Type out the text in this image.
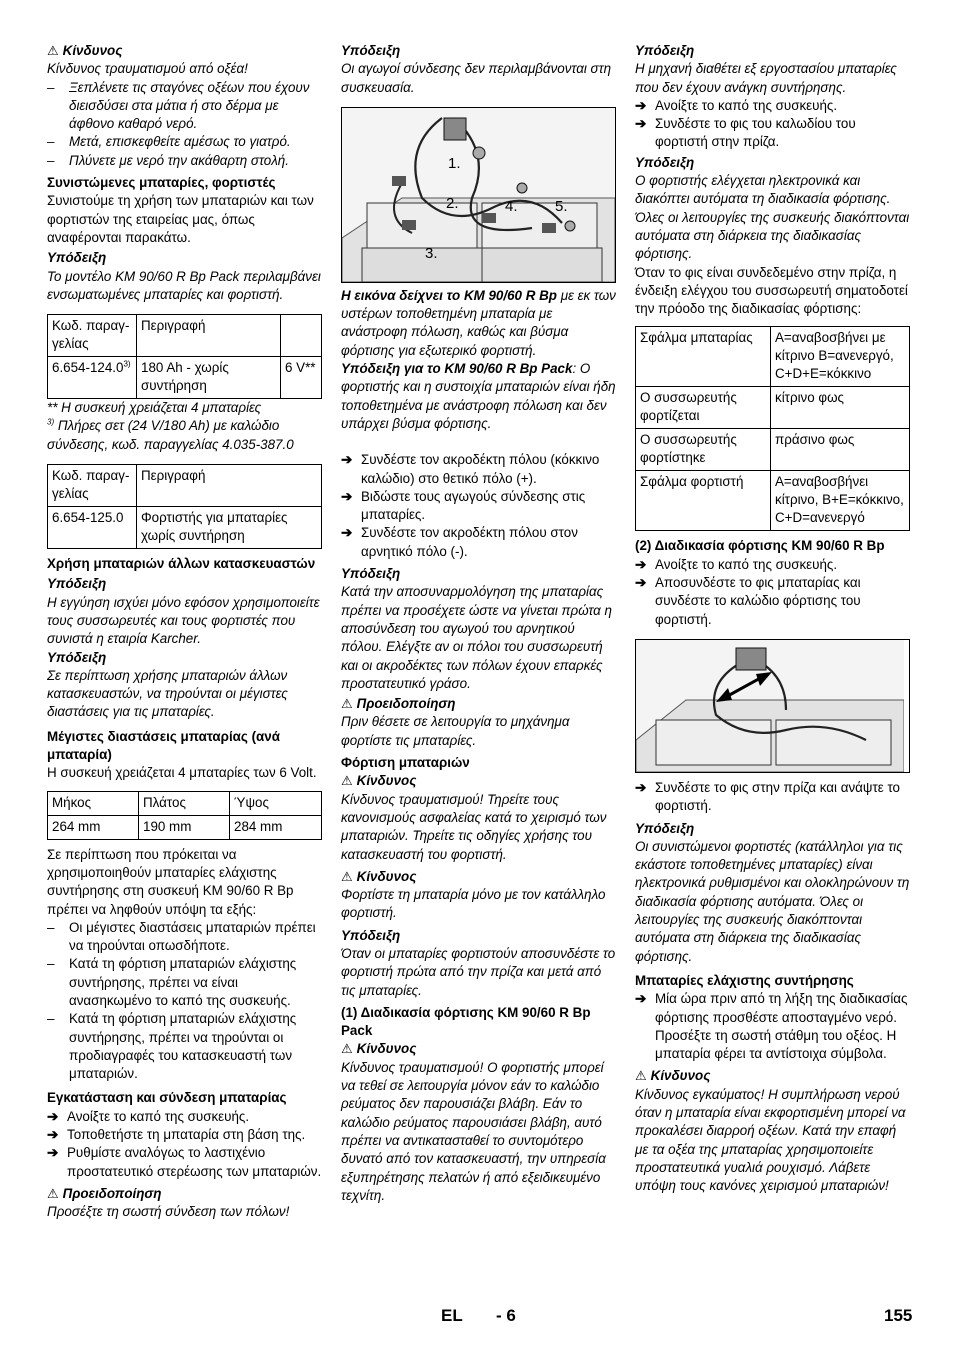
⚠ Κίνδυνος

Κίνδυνος τραυματισμού από οξέα!

– Ξεπλένετε τις σταγόνες οξέων που έχουν διεισδύσει στα μάτια ή στο δέρμα με άφθονο καθαρό νερό.

– Μετά, επισκεφθείτε αμέσως το γιατρό.

– Πλύνετε με νερό την ακάθαρτη στολή.

Συνιστώμενες μπαταρίες, φορτιστές

Συνιστούμε τη χρήση των μπαταριών και των φορτιστών της εταιρείας μας, όπως αναφέρονται παρακάτω.

Υπόδειξη

Το μοντέλο KM 90/60 R Bp Pack περιλαμβάνει ενσωματωμένες μπαταρίες και φορτιστή.

Κωδ. παραγ-γελίας	Περιγραφή	
6.654-124.0$^{3)}$	180 Ah - χωρίς συντήρηση	6 V**

** Η συσκευή χρειάζεται 4 μπαταρίες

$^{3)}$ Πλήρες σετ (24 V/180 Ah) με καλώδιο σύνδεσης, κωδ. παραγγελίας 4.035-387.0

Κωδ. παραγ-γελίας	Περιγραφή
6.654-125.0	Φορτιστής για μπαταρίες χωρίς συντήρηση

Χρήση μπαταριών άλλων κατασκευαστών

Υπόδειξη

Η εγγύηση ισχύει μόνο εφόσον χρησιμοποιείτε τους συσσωρευτές και τους φορτιστές που συνιστά η εταιρία Karcher.

Υπόδειξη

Σε περίπτωση χρήσης μπαταριών άλλων κατασκευαστών, να τηρούνται οι μέγιστες διαστάσεις για τις μπαταρίες.

Μέγιστες διαστάσεις μπαταρίας (ανά μπαταρία)

Η συσκευή χρειάζεται 4 μπαταρίες των 6 Volt.

Μήκος	Πλάτος	Ύψος
264 mm	190 mm	284 mm

Σε περίπτωση που πρόκειται να χρησιμοποιηθούν μπαταρίες ελάχιστης συντήρησης στη συσκευή KM 90/60 R Bp πρέπει να ληφθούν υπόψη τα εξής:

– Οι μέγιστες διαστάσεις μπαταριών πρέπει να τηρούνται οπωσδήποτε.

– Κατά τη φόρτιση μπαταριών ελάχιστης συντήρησης, πρέπει να είναι ανασηκωμένο το καπό της συσκευής.

– Κατά τη φόρτιση μπαταριών ελάχιστης συντήρησης, πρέπει να τηρούνται οι προδιαγραφές του κατασκευαστή των μπαταριών.

Εγκατάσταση και σύνδεση μπαταρίας

➔ Ανοίξτε το καπό της συσκευής.

➔ Τοποθετήστε τη μπαταρία στη βάση της.

➔ Ρυθμίστε αναλόγως το λαστιχένιο προστατευτικό στερέωσης των μπαταριών.

⚠ Προειδοποίηση

Προσέξτε τη σωστή σύνδεση των πόλων!

Υπόδειξη

Οι αγωγοί σύνδεσης δεν περιλαμβάνονται στη συσκευασία.

1.
2.
3.
4. 5.

Η εικόνα δείχνει το KM 90/60 R Bp με εκ των υστέρων τοποθετημένη μπαταρία με ανάστροφη πόλωση, καθώς και βύσμα φόρτισης για εξωτερικό φορτιστή.

Υπόδειξη για το KM 90/60 R Bp Pack: Ο φορτιστής και η συστοιχία μπαταριών είναι ήδη τοποθετημένα με ανάστροφη πόλωση και δεν υπάρχει βύσμα φόρτισης.

➔ Συνδέστε τον ακροδέκτη πόλου (κόκκινο καλώδιο) στο θετικό πόλο (+).

➔ Βιδώστε τους αγωγούς σύνδεσης στις μπαταρίες.

➔ Συνδέστε τον ακροδέκτη πόλου στον αρνητικό πόλο (-).

Υπόδειξη

Κατά την αποσυναρμολόγηση της μπαταρίας πρέπει να προσέχετε ώστε να γίνεται πρώτα η αποσύνδεση του αγωγού του αρνητικού πόλου. Ελέγξτε αν οι πόλοι του συσσωρευτή και οι ακροδέκτες των πόλων έχουν επαρκές προστατευτικό γράσο.

⚠ Προειδοποίηση

Πριν θέσετε σε λειτουργία το μηχάνημα φορτίστε τις μπαταρίες.

Φόρτιση μπαταριών

⚠ Κίνδυνος

Κίνδυνος τραυματισμού! Τηρείτε τους κανονισμούς ασφαλείας κατά το χειρισμό των μπαταριών. Τηρείτε τις οδηγίες χρήσης του κατασκευαστή του φορτιστή.

⚠ Κίνδυνος

Φορτίστε τη μπαταρία μόνο με τον κατάλληλο φορτιστή.

Υπόδειξη

Όταν οι μπαταρίες φορτιστούν αποσυνδέστε το φορτιστή πρώτα από την πρίζα και μετά από τις μπαταρίες.

(1) Διαδικασία φόρτισης KM 90/60 R Bp Pack

⚠ Κίνδυνος

Κίνδυνος τραυματισμού! Ο φορτιστής μπορεί να τεθεί σε λειτουργία μόνον εάν το καλώδιο ρεύματος δεν παρουσιάζει βλάβη. Εάν το καλώδιο ρεύματος παρουσιάσει βλάβη, αυτό πρέπει να αντικατασταθεί το συντομότερο δυνατό από τον κατασκευαστή, την υπηρεσία εξυπηρέτησης πελατών ή από εξειδικευμένο τεχνίτη.

Υπόδειξη

Η μηχανή διαθέτει εξ εργοστασίου μπαταρίες που δεν έχουν ανάγκη συντήρησης.

➔ Ανοίξτε το καπό της συσκευής.

➔ Συνδέστε το φις του καλωδίου του φορτιστή στην πρίζα.

Υπόδειξη

Ο φορτιστής ελέγχεται ηλεκτρονικά και διακόπτει αυτόματα τη διαδικασία φόρτισης. Όλες οι λειτουργίες της συσκευής διακόπτονται αυτόματα στη διάρκεια της διαδικασίας φόρτισης.

Όταν το φις είναι συνδεδεμένο στην πρίζα, η ένδειξη ελέγχου του συσσωρευτή σηματοδοτεί την πρόοδο της διαδικασίας φόρτισης:

Σφάλμα μπαταρίας	A=αναβοσβήνει με κίτρινο B=ανενεργό, C+D+E=κόκκινο
Ο συσσωρευτής φορτίζεται	κίτρινο φως
Ο συσσωρευτής φορτίστηκε	πράσινο φως
Σφάλμα φορτιστή	A=αναβοσβήνει κίτρινο, B+E=κόκκινο, C+D=ανενεργό

(2) Διαδικασία φόρτισης KM 90/60 R Bp

➔ Ανοίξτε το καπό της συσκευής.

➔ Αποσυνδέστε το φις μπαταρίας και συνδέστε το καλώδιο φόρτισης του φορτιστή.

➔ Συνδέστε το φις στην πρίζα και ανάψτε το φορτιστή.

Υπόδειξη

Οι συνιστώμενοι φορτιστές (κατάλληλοι για τις εκάστοτε τοποθετημένες μπαταρίες) είναι ηλεκτρονικά ρυθμισμένοι και ολοκληρώνουν τη διαδικασία φόρτισης αυτόματα. Όλες οι λειτουργίες της συσκευής διακόπτονται αυτόματα στη διάρκεια της διαδικασίας φόρτισης.

Μπαταρίες ελάχιστης συντήρησης

➔ Μία ώρα πριν από τη λήξη της διαδικασίας φόρτισης προσθέστε αποσταγμένο νερό. Προσέξτε τη σωστή στάθμη του οξέος. Η μπαταρία φέρει τα αντίστοιχα σύμβολα.

⚠ Κίνδυνος

Κίνδυνος εγκαύματος! Η συμπλήρωση νερού όταν η μπαταρία είναι εκφορτισμένη μπορεί να προκαλέσει διαρροή οξέων. Κατά την επαφή με τα οξέα της μπαταρίας χρησιμοποιείτε προστατευτικά γυαλιά ρουχισμό. Λάβετε υπόψη τους κανόνες χειρισμού μπαταριών!

EL - 6	155
